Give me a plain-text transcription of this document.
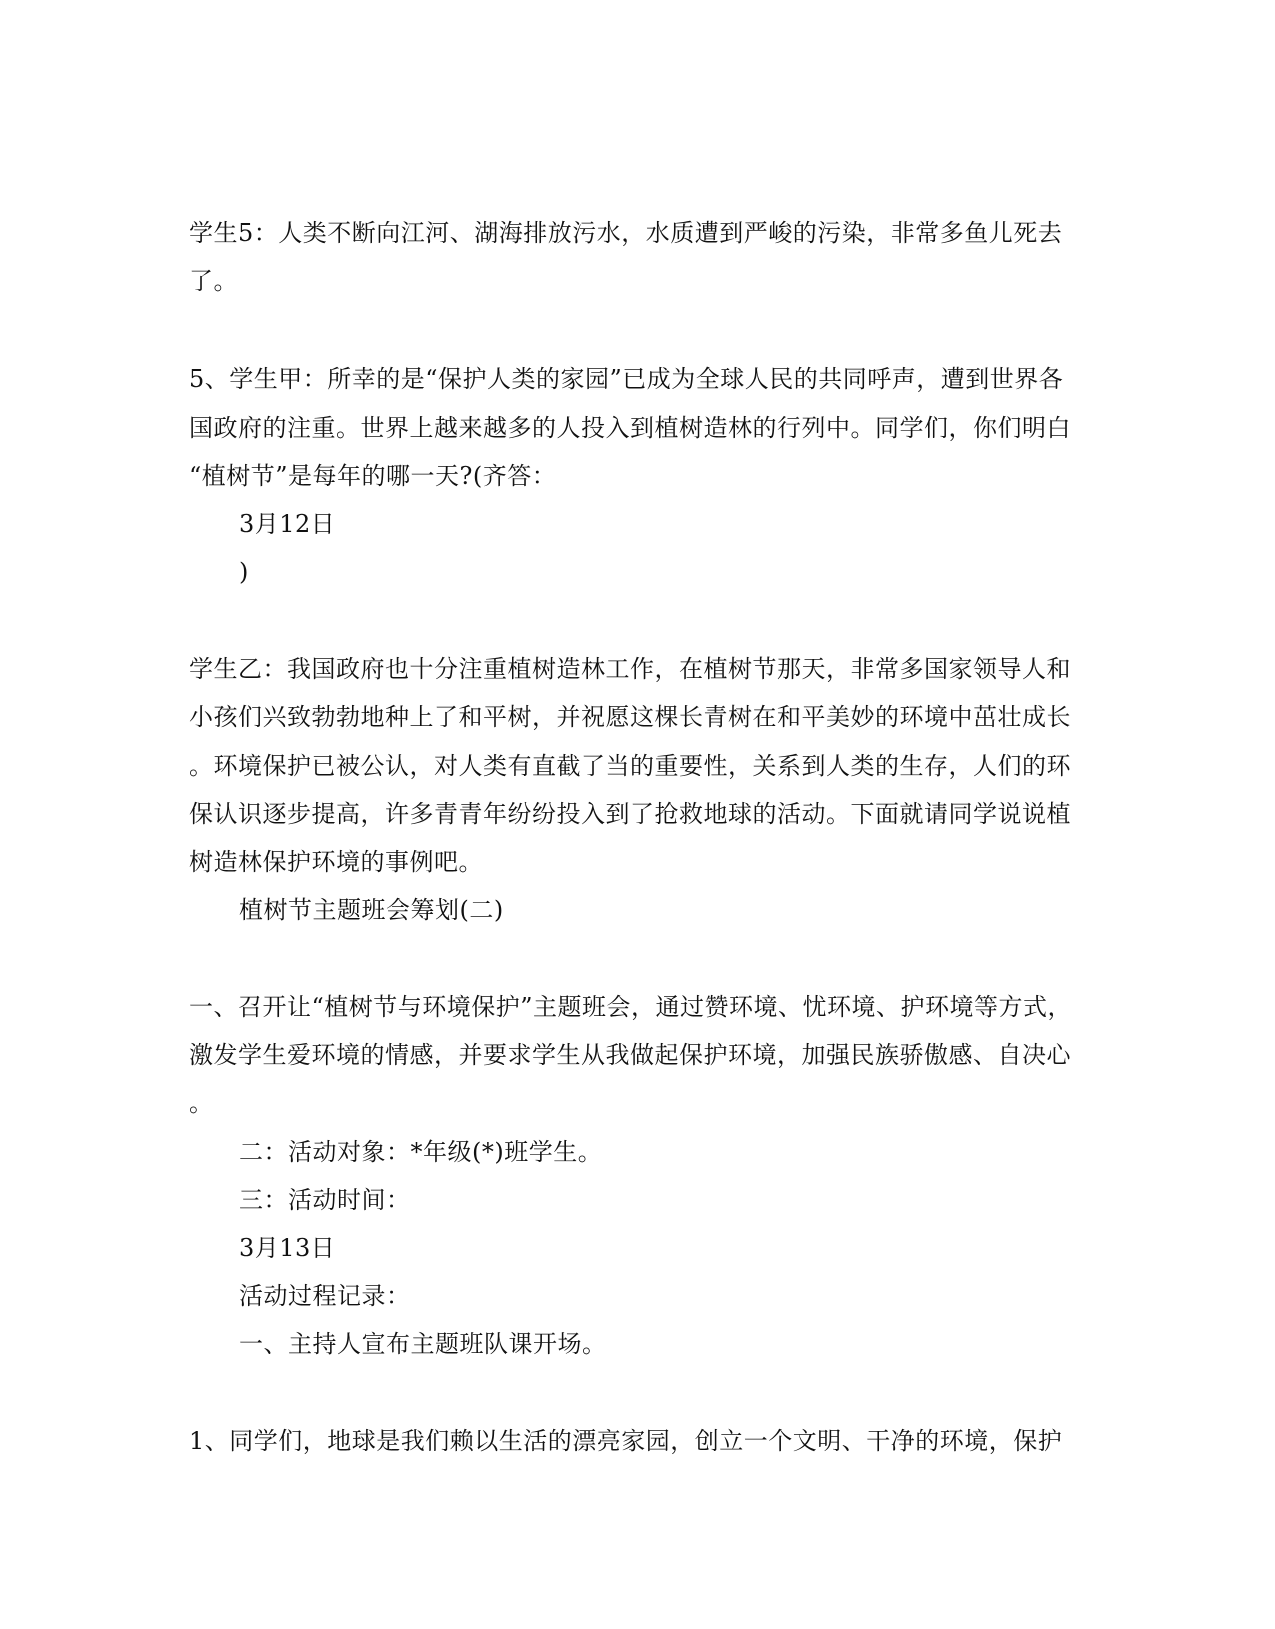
学生5：人类不断向江河、湖海排放污水，水质遭到严峻的污染，非常多鱼儿死去
了。
5、学生甲：所幸的是“保护人类的家园”已成为全球人民的共同呼声，遭到世界各
国政府的注重。世界上越来越多的人投入到植树造林的行列中。同学们，你们明白
“植树节”是每年的哪一天?(齐答：
3月12日
)
学生乙：我国政府也十分注重植树造林工作，在植树节那天，非常多国家领导人和
小孩们兴致勃勃地种上了和平树，并祝愿这棵长青树在和平美妙的环境中茁壮成长
。环境保护已被公认，对人类有直截了当的重要性，关系到人类的生存，人们的环
保认识逐步提高，许多青青年纷纷投入到了抢救地球的活动。下面就请同学说说植
树造林保护环境的事例吧。
植树节主题班会筹划(二)
一、召开让“植树节与环境保护”主题班会，通过赞环境、忧环境、护环境等方式，
激发学生爱环境的情感，并要求学生从我做起保护环境，加强民族骄傲感、自决心
。
二：活动对象：*年级(*)班学生。
三：活动时间：
3月13日
活动过程记录：
一、主持人宣布主题班队课开场。
1、同学们，地球是我们赖以生活的漂亮家园，创立一个文明、干净的环境，保护
